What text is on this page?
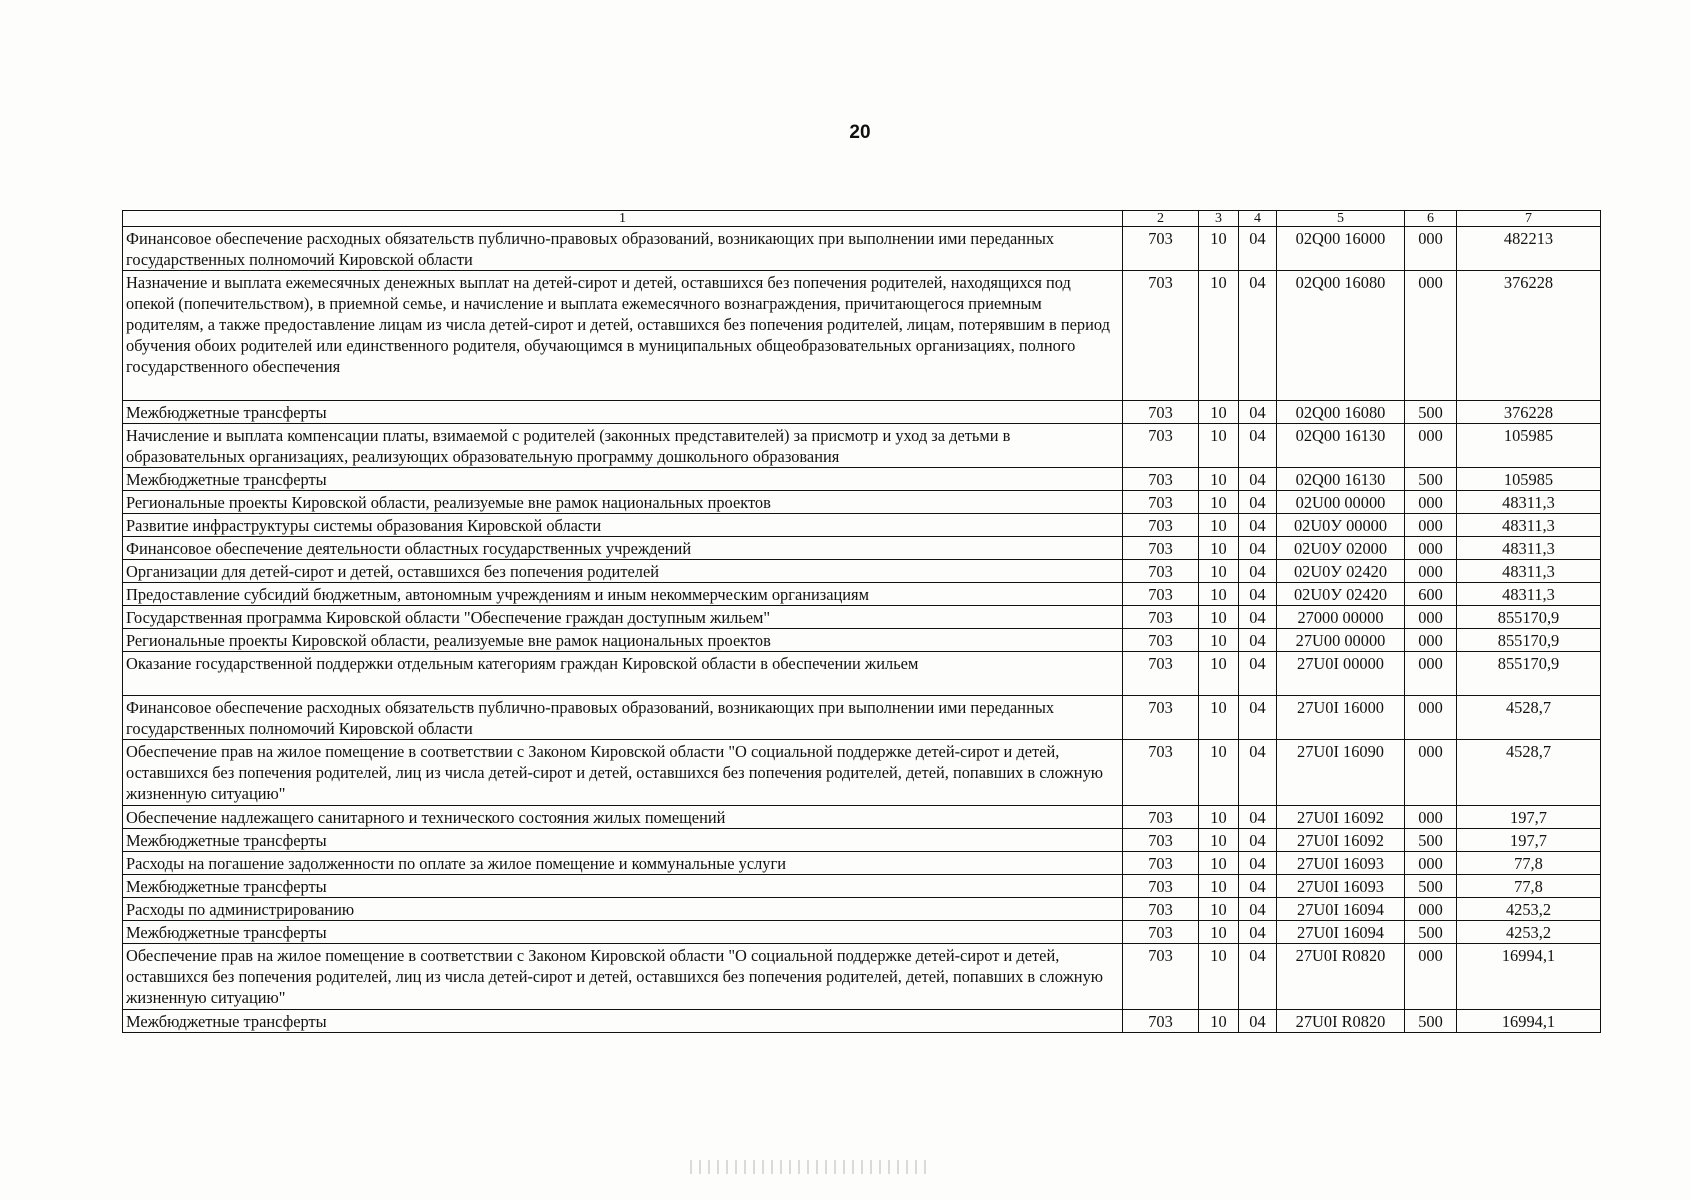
20
1	2	3	4	5	6	7
Финансовое обеспечение расходных обязательств публично-правовых образований, возникающих при выполнении ими переданных государственных полномочий Кировской области	703	10	04	02Q00 16000	000	482213
Назначение и выплата ежемесячных денежных выплат на детей-сирот и детей, оставшихся без попечения родителей, находящихся под опекой (попечительством), в приемной семье, и начисление и выплата ежемесячного вознаграждения, причитающегося приемным родителям, а также предоставление лицам из числа детей-сирот и детей, оставшихся без попечения родителей, лицам, потерявшим в период обучения обоих родителей или единственного родителя, обучающимся в муниципальных общеобразовательных организациях, полного государственного обеспечения	703	10	04	02Q00 16080	000	376228
Межбюджетные трансферты	703	10	04	02Q00 16080	500	376228
Начисление и выплата компенсации платы, взимаемой с родителей (законных представителей) за присмотр и уход за детьми в образовательных организациях, реализующих образовательную программу дошкольного образования	703	10	04	02Q00 16130	000	105985
Межбюджетные трансферты	703	10	04	02Q00 16130	500	105985
Региональные проекты Кировской области, реализуемые вне рамок национальных проектов	703	10	04	02U00 00000	000	48311,3
Развитие инфраструктуры системы образования Кировской области	703	10	04	02U0У 00000	000	48311,3
Финансовое обеспечение деятельности областных государственных учреждений	703	10	04	02U0У 02000	000	48311,3
Организации для детей-сирот и детей, оставшихся без попечения родителей	703	10	04	02U0У 02420	000	48311,3
Предоставление субсидий бюджетным, автономным учреждениям и иным некоммерческим организациям	703	10	04	02U0У 02420	600	48311,3
Государственная программа Кировской области "Обеспечение граждан доступным жильем"	703	10	04	27000 00000	000	855170,9
Региональные проекты Кировской области, реализуемые вне рамок национальных проектов	703	10	04	27U00 00000	000	855170,9
Оказание государственной поддержки отдельным категориям граждан Кировской области в обеспечении жильем	703	10	04	27U0I 00000	000	855170,9
Финансовое обеспечение расходных обязательств публично-правовых образований, возникающих при выполнении ими переданных государственных полномочий Кировской области	703	10	04	27U0I 16000	000	4528,7
Обеспечение прав на жилое помещение в соответствии с Законом Кировской области "О социальной поддержке детей-сирот и детей, оставшихся без попечения родителей, лиц из числа детей-сирот и детей, оставшихся без попечения родителей, детей, попавших в сложную жизненную ситуацию"	703	10	04	27U0I 16090	000	4528,7
Обеспечение надлежащего санитарного и технического состояния жилых помещений	703	10	04	27U0I 16092	000	197,7
Межбюджетные трансферты	703	10	04	27U0I 16092	500	197,7
Расходы на погашение задолженности по оплате за жилое помещение и коммунальные услуги	703	10	04	27U0I 16093	000	77,8
Межбюджетные трансферты	703	10	04	27U0I 16093	500	77,8
Расходы по администрированию	703	10	04	27U0I 16094	000	4253,2
Межбюджетные трансферты	703	10	04	27U0I 16094	500	4253,2
Обеспечение прав на жилое помещение в соответствии с Законом Кировской области "О социальной поддержке детей-сирот и детей, оставшихся без попечения родителей, лиц из числа детей-сирот и детей, оставшихся без попечения родителей, детей, попавших в сложную жизненную ситуацию"	703	10	04	27U0I R0820	000	16994,1
Межбюджетные трансферты	703	10	04	27U0I R0820	500	16994,1
